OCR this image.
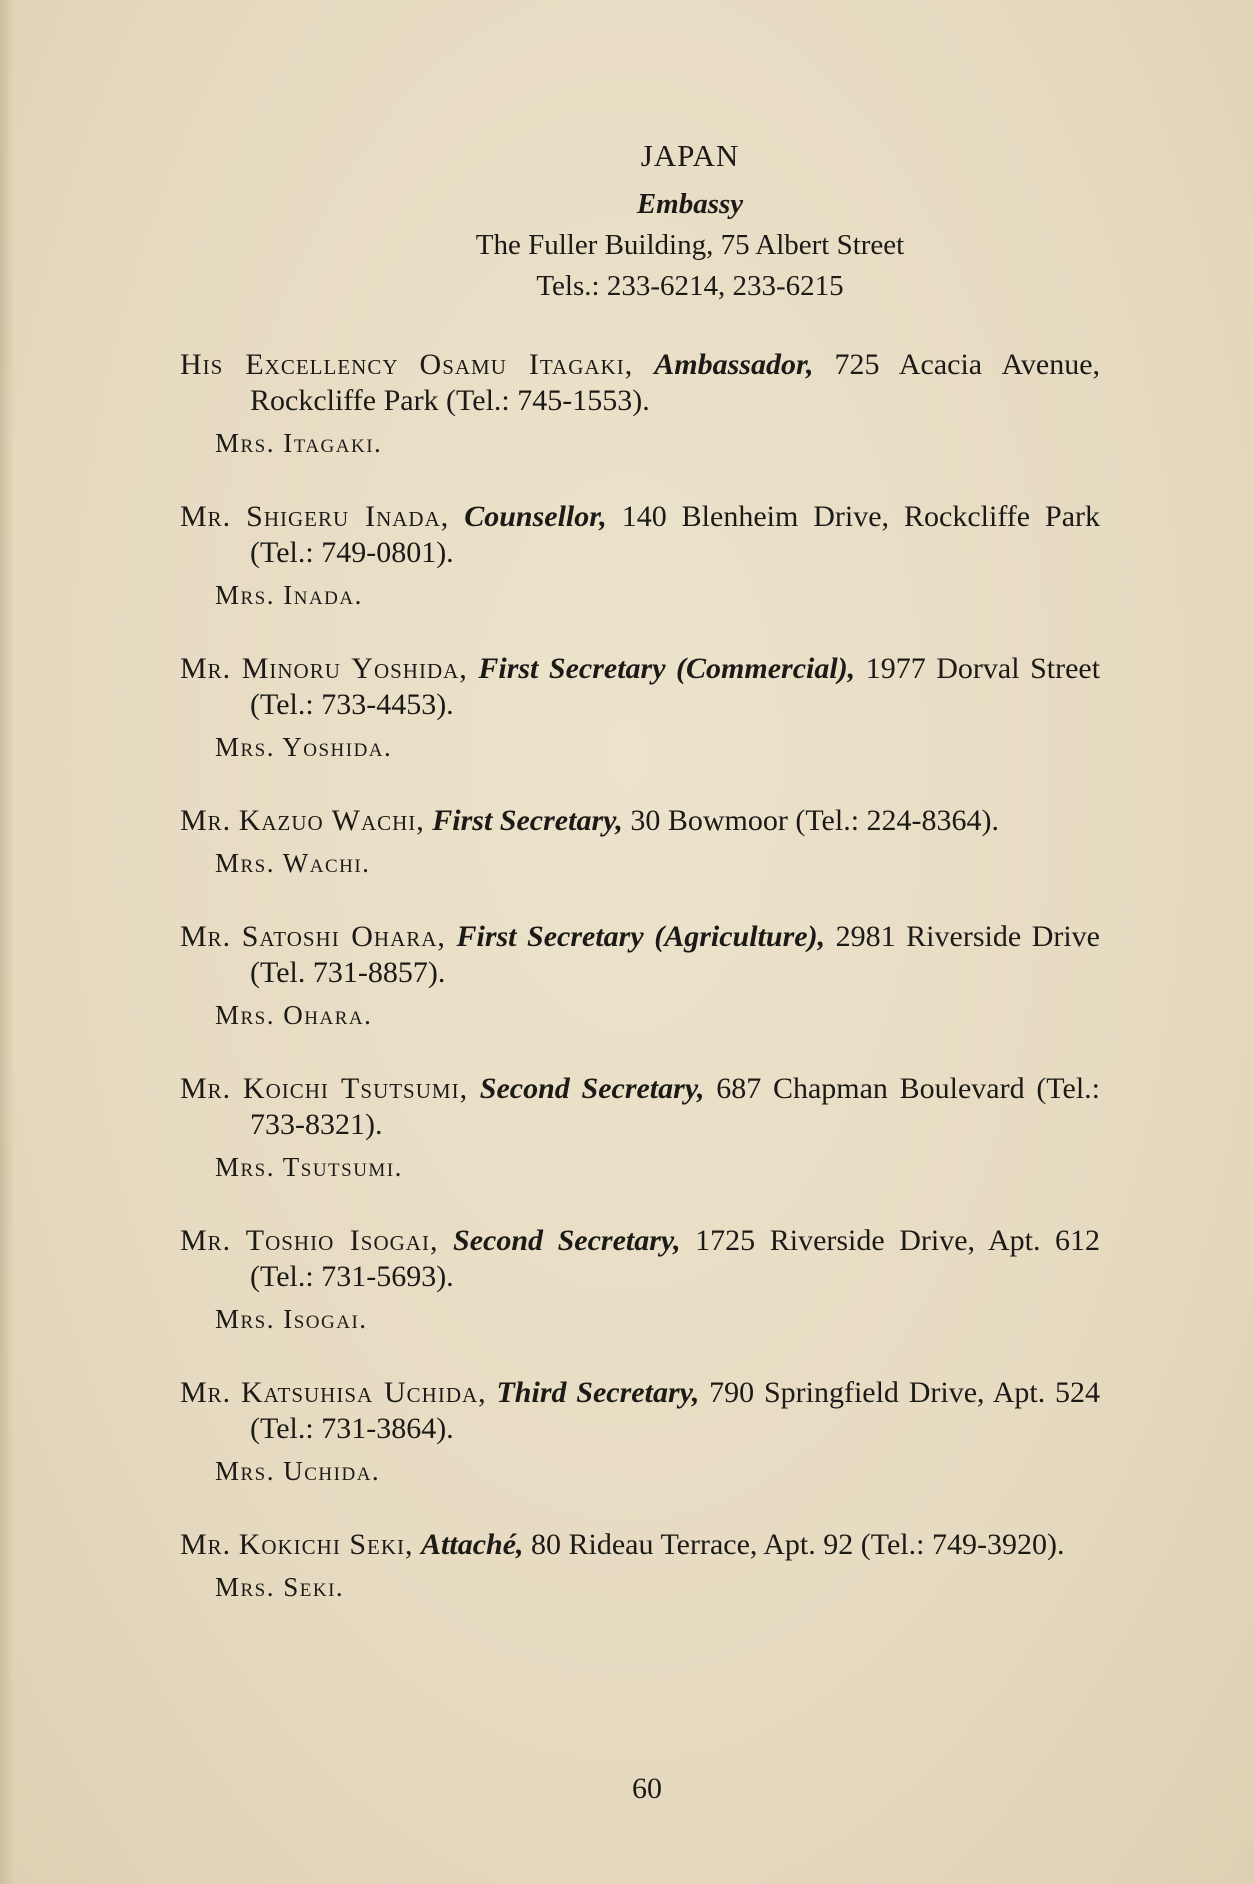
JAPAN
Embassy
The Fuller Building, 75 Albert Street
Tels.: 233-6214, 233-6215
His Excellency Osamu Itagaki, Ambassador, 725 Acacia Avenue, Rockcliffe Park (Tel.: 745-1553).
Mrs. Itagaki.
Mr. Shigeru Inada, Counsellor, 140 Blenheim Drive, Rockcliffe Park (Tel.: 749-0801).
Mrs. Inada.
Mr. Minoru Yoshida, First Secretary (Commercial), 1977 Dorval Street (Tel.: 733-4453).
Mrs. Yoshida.
Mr. Kazuo Wachi, First Secretary, 30 Bowmoor (Tel.: 224-8364).
Mrs. Wachi.
Mr. Satoshi Ohara, First Secretary (Agriculture), 2981 Riverside Drive (Tel. 731-8857).
Mrs. Ohara.
Mr. Koichi Tsutsumi, Second Secretary, 687 Chapman Boulevard (Tel.: 733-8321).
Mrs. Tsutsumi.
Mr. Toshio Isogai, Second Secretary, 1725 Riverside Drive, Apt. 612 (Tel.: 731-5693).
Mrs. Isogai.
Mr. Katsuhisa Uchida, Third Secretary, 790 Springfield Drive, Apt. 524 (Tel.: 731-3864).
Mrs. Uchida.
Mr. Kokichi Seki, Attaché, 80 Rideau Terrace, Apt. 92 (Tel.: 749-3920).
Mrs. Seki.
60
